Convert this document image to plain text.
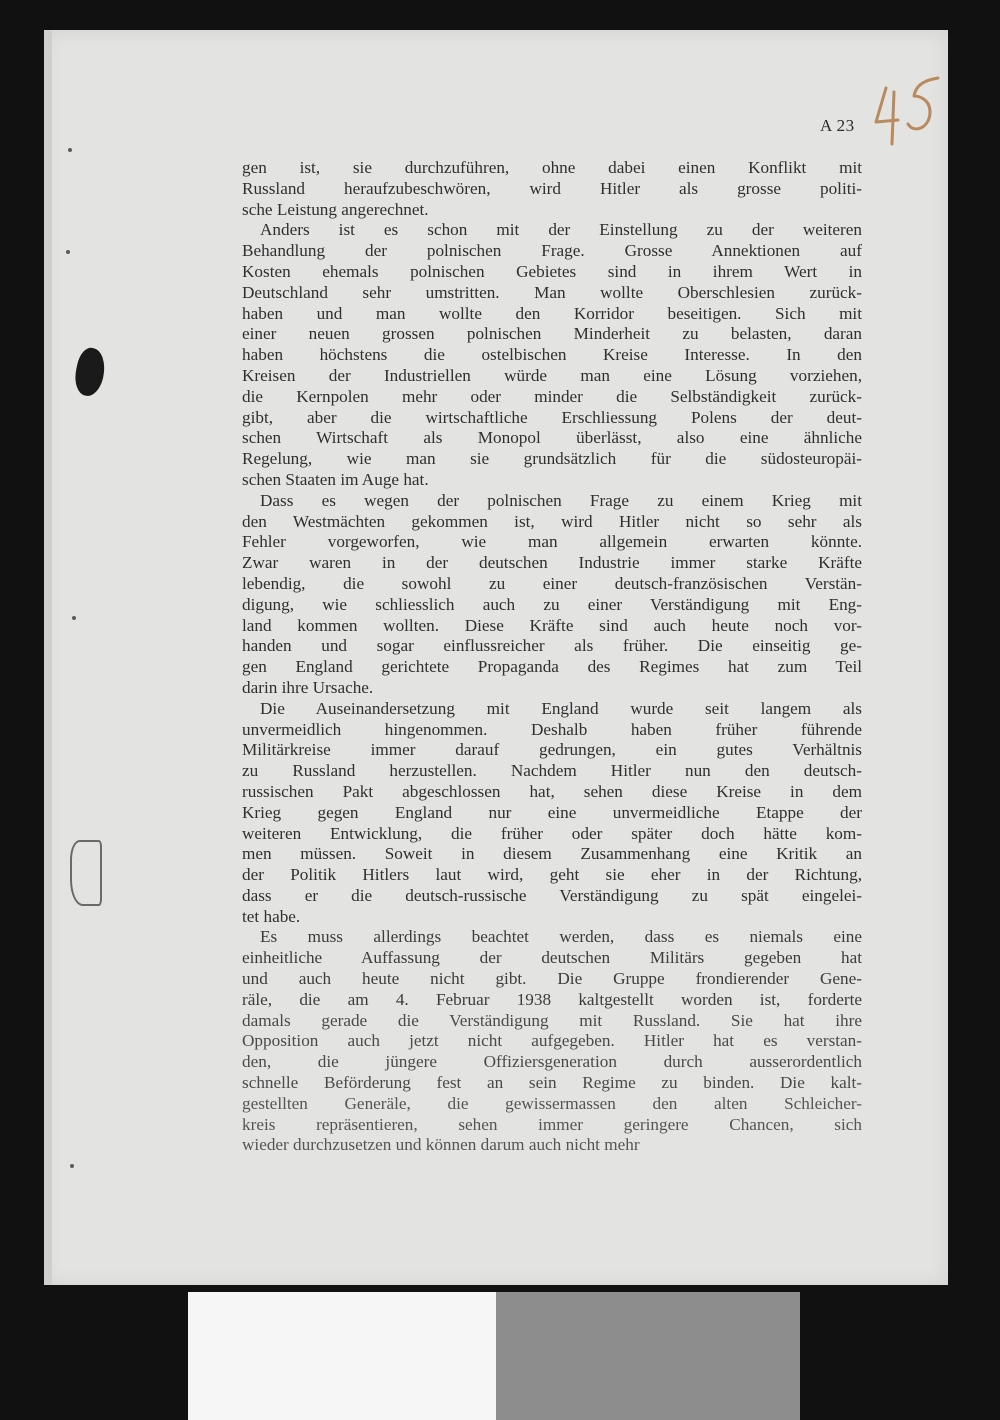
A 23
gen ist, sie durchzuführen, ohne dabei einen Konflikt mit
Russland heraufzubeschwören, wird Hitler als grosse politi-
sche Leistung angerechnet.
Anders ist es schon mit der Einstellung zu der weiteren
Behandlung der polnischen Frage. Grosse Annektionen auf
Kosten ehemals polnischen Gebietes sind in ihrem Wert in
Deutschland sehr umstritten. Man wollte Oberschlesien zurück-
haben und man wollte den Korridor beseitigen. Sich mit
einer neuen grossen polnischen Minderheit zu belasten, daran
haben höchstens die ostelbischen Kreise Interesse. In den
Kreisen der Industriellen würde man eine Lösung vorziehen,
die Kernpolen mehr oder minder die Selbständigkeit zurück-
gibt, aber die wirtschaftliche Erschliessung Polens der deut-
schen Wirtschaft als Monopol überlässt, also eine ähnliche
Regelung, wie man sie grundsätzlich für die südosteuropäi-
schen Staaten im Auge hat.
Dass es wegen der polnischen Frage zu einem Krieg mit
den Westmächten gekommen ist, wird Hitler nicht so sehr als
Fehler vorgeworfen, wie man allgemein erwarten könnte.
Zwar waren in der deutschen Industrie immer starke Kräfte
lebendig, die sowohl zu einer deutsch-französischen Verstän-
digung, wie schliesslich auch zu einer Verständigung mit Eng-
land kommen wollten. Diese Kräfte sind auch heute noch vor-
handen und sogar einflussreicher als früher. Die einseitig ge-
gen England gerichtete Propaganda des Regimes hat zum Teil
darin ihre Ursache.
Die Auseinandersetzung mit England wurde seit langem als
unvermeidlich hingenommen. Deshalb haben früher führende
Militärkreise immer darauf gedrungen, ein gutes Verhältnis
zu Russland herzustellen. Nachdem Hitler nun den deutsch-
russischen Pakt abgeschlossen hat, sehen diese Kreise in dem
Krieg gegen England nur eine unvermeidliche Etappe der
weiteren Entwicklung, die früher oder später doch hätte kom-
men müssen. Soweit in diesem Zusammenhang eine Kritik an
der Politik Hitlers laut wird, geht sie eher in der Richtung,
dass er die deutsch-russische Verständigung zu spät eingelei-
tet habe.
Es muss allerdings beachtet werden, dass es niemals eine
einheitliche Auffassung der deutschen Militärs gegeben hat
und auch heute nicht gibt. Die Gruppe frondierender Gene-
räle, die am 4. Februar 1938 kaltgestellt worden ist, forderte
damals gerade die Verständigung mit Russland. Sie hat ihre
Opposition auch jetzt nicht aufgegeben. Hitler hat es verstan-
den, die jüngere Offiziersgeneration durch ausserordentlich
schnelle Beförderung fest an sein Regime zu binden. Die kalt-
gestellten Generäle, die gewissermassen den alten Schleicher-
kreis repräsentieren, sehen immer geringere Chancen, sich
wieder durchzusetzen und können darum auch nicht mehr
